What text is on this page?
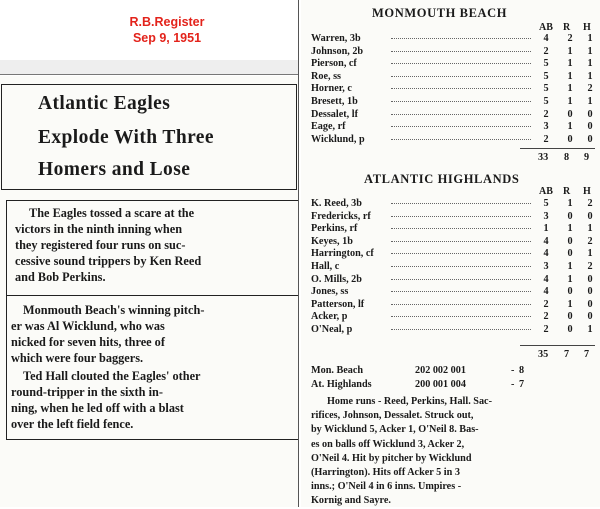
R.B.Register
Sep 9, 1951
Atlantic Eagles
Explode With Three
Homers and Lose
The Eagles tossed a scare at the
victors in the ninth inning when
they registered four runs on suc-
cessive sound trippers by Ken Reed
and Bob Perkins.
Monmouth Beach's winning pitch-
er was Al Wicklund, who was
nicked for seven hits, three of
which were four baggers.
Ted Hall clouted the Eagles' other
round-tripper in the sixth in-
ning, when he led off with a blast
over the left field fence.
MONMOUTH BEACH
AB R H
Warren, 3b	4	2	1
Johnson, 2b	2	1	1
Pierson, cf	5	1	1
Roe, ss	5	1	1
Horner, c	5	1	2
Bresett, 1b	5	1	1
Dessalet, lf	2	0	0
Eage, rf	3	1	0
Wicklund, p	2	0	0
33 8 9
ATLANTIC HIGHLANDS
AB R H
K. Reed, 3b	5	1	2
Fredericks, rf	3	0	0
Perkins, rf	1	1	1
Keyes, 1b	4	0	2
Harrington, cf	4	0	1
Hall, c	3	1	2
O. Mills, 2b	4	1	0
Jones, ss	4	0	0
Patterson, lf	2	1	0
Acker, p	2	0	0
O'Neal, p	2	0	1
35 7 7
Mon. Beach	202 002 001	- 8
At. Highlands	200 001 004	- 7
Home runs - Reed, Perkins, Hall. Sac-
rifices, Johnson, Dessalet. Struck out,
by Wicklund 5, Acker 1, O'Neil 8. Bas-
es on balls off Wicklund 3, Acker 2,
O'Neil 4. Hit by pitcher by Wicklund
(Harrington). Hits off Acker 5 in 3
inns.; O'Neil 4 in 6 inns. Umpires -
Kornig and Sayre.
